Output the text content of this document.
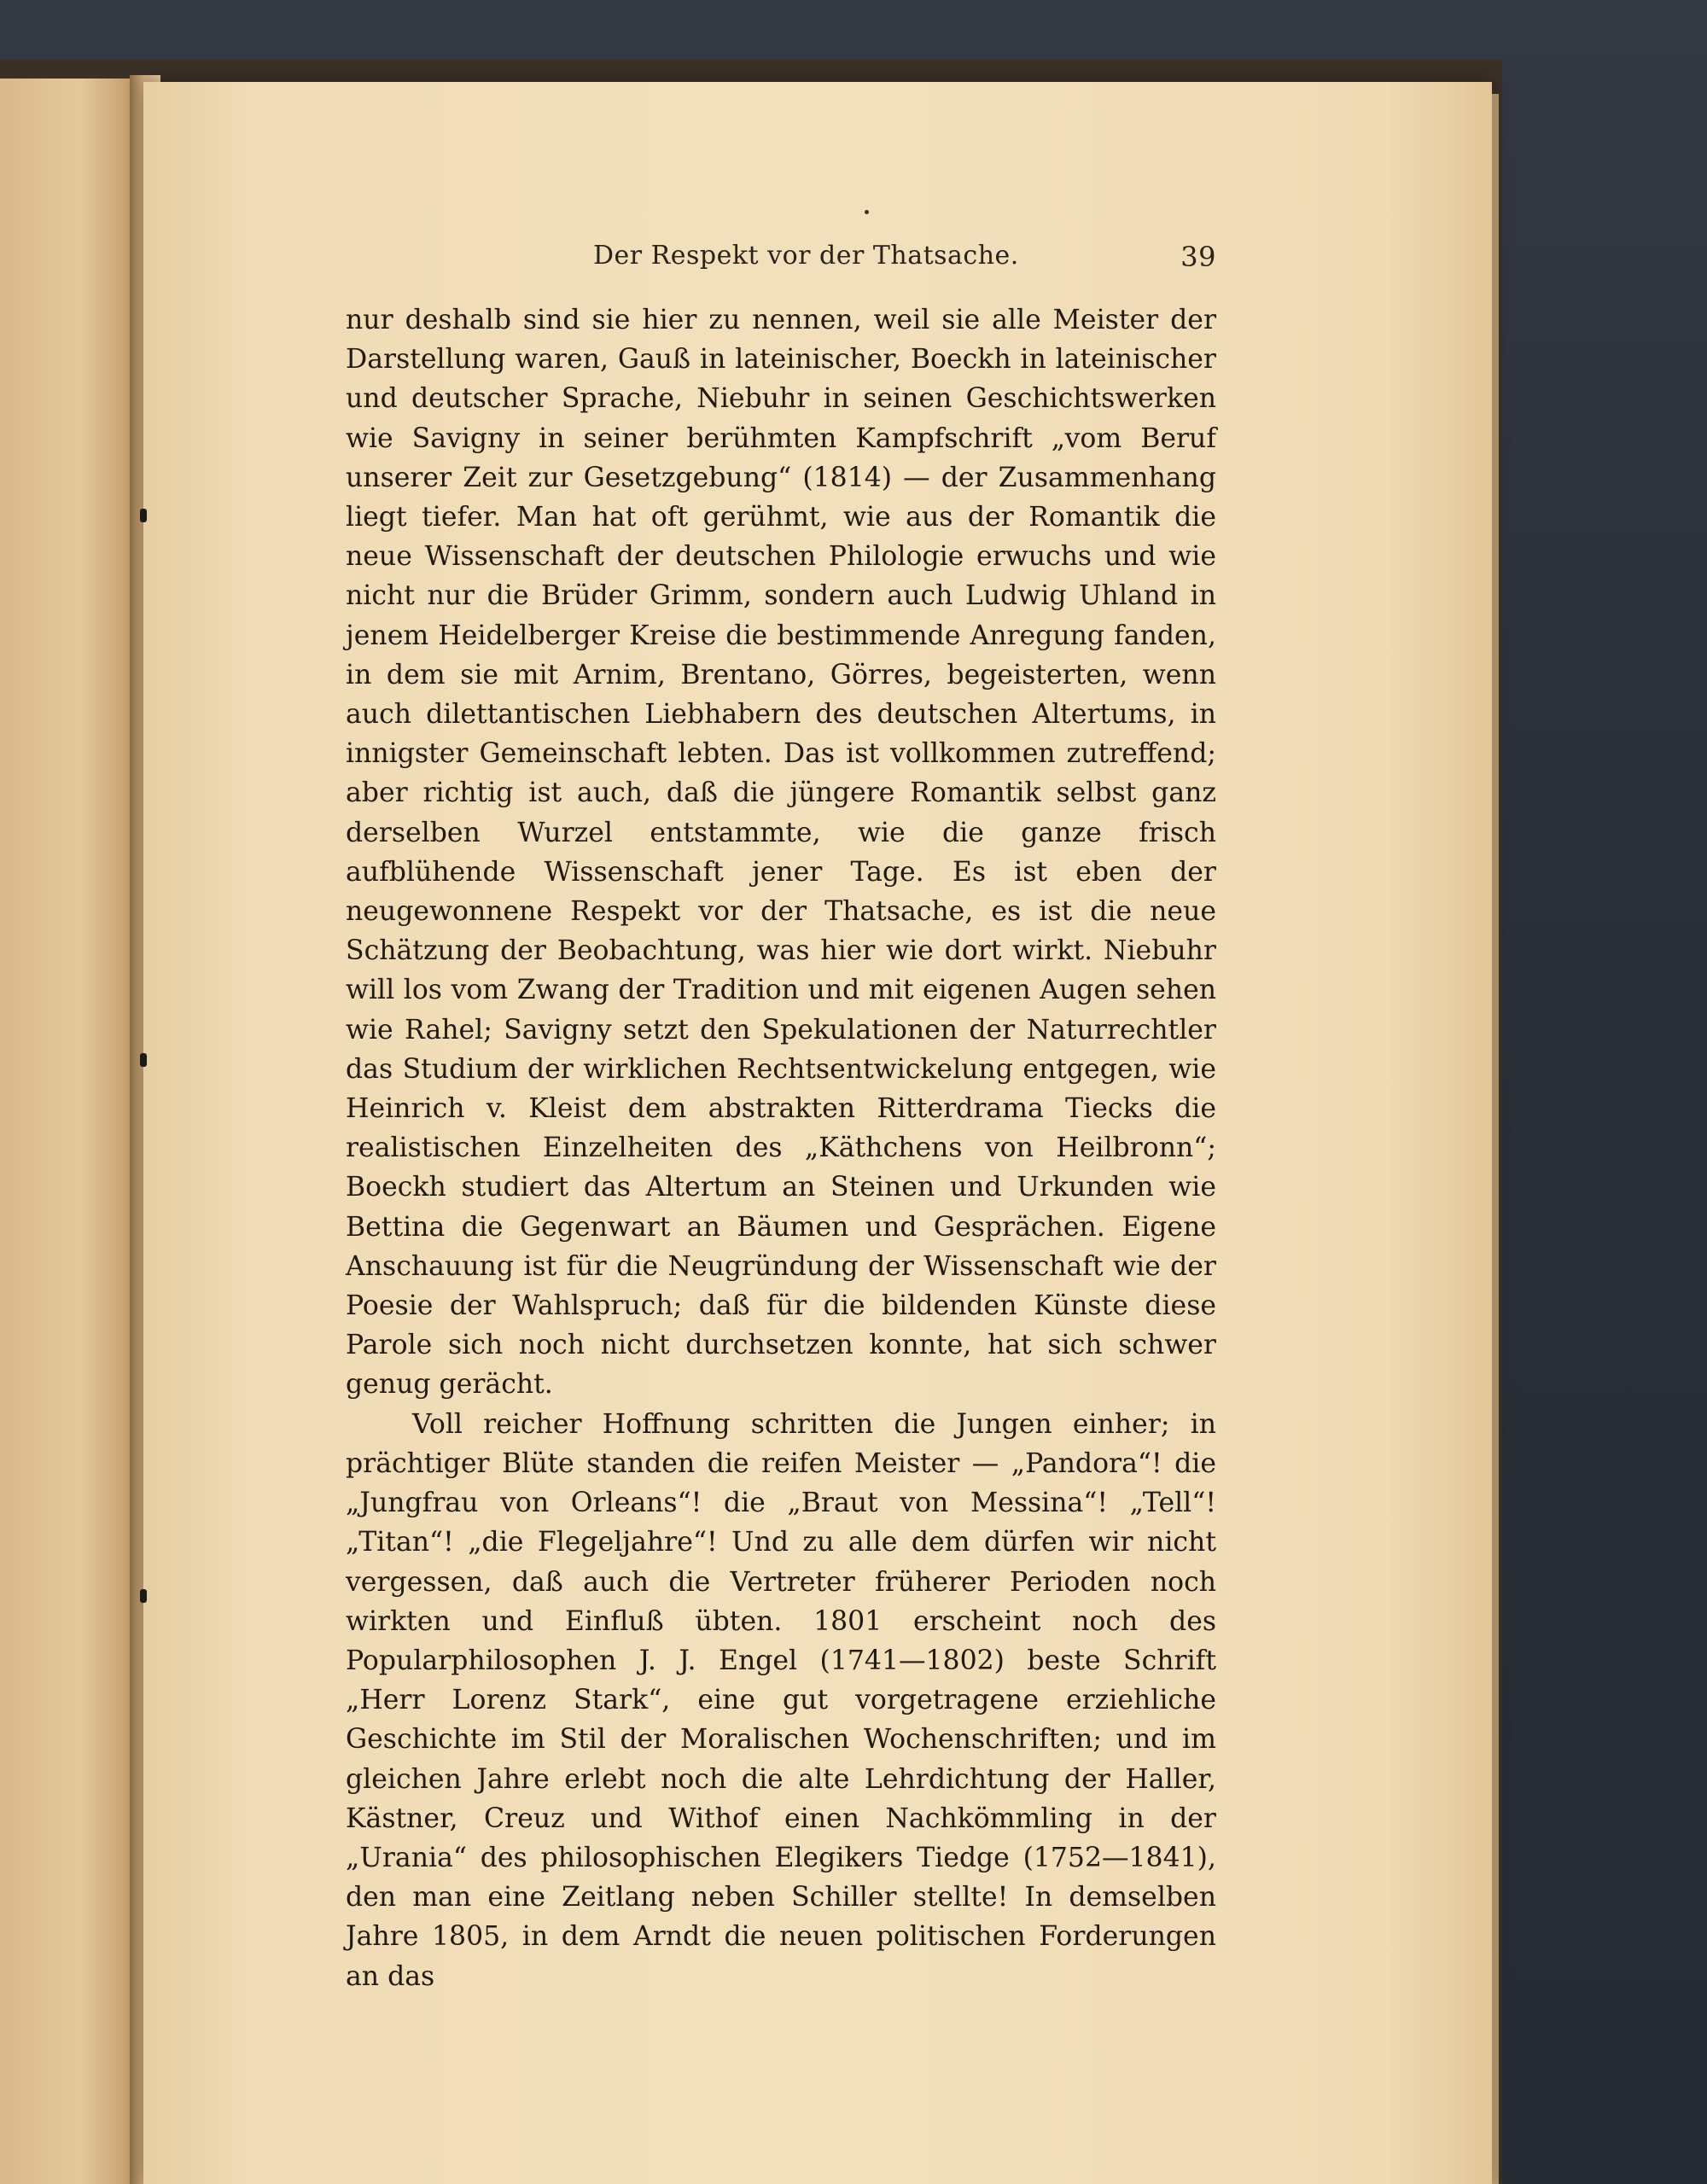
Der Respekt vor der Thatsache.	39

nur deshalb sind sie hier zu nennen, weil sie alle Meister der Darstellung waren, Gauß in lateinischer, Boeckh in lateinischer und deutscher Sprache, Niebuhr in seinen Geschichtswerken wie Savigny in seiner berühmten Kampfschrift „vom Beruf unserer Zeit zur Gesetzgebung“ (1814) — der Zusammenhang liegt tiefer. Man hat oft gerühmt, wie aus der Romantik die neue Wissenschaft der deutschen Philologie erwuchs und wie nicht nur die Brüder Grimm, sondern auch Ludwig Uhland in jenem Heidelberger Kreise die bestimmende Anregung fanden, in dem sie mit Arnim, Brentano, Görres, begeisterten, wenn auch dilettantischen Liebhabern des deutschen Altertums, in innigster Gemeinschaft lebten. Das ist vollkommen zutreffend; aber richtig ist auch, daß die jüngere Romantik selbst ganz derselben Wurzel entstammte, wie die ganze frisch aufblühende Wissenschaft jener Tage. Es ist eben der neugewonnene Respekt vor der Thatsache, es ist die neue Schätzung der Beobachtung, was hier wie dort wirkt. Niebuhr will los vom Zwang der Tradition und mit eigenen Augen sehen wie Rahel; Savigny setzt den Spekulationen der Naturrechtler das Studium der wirklichen Rechtsentwickelung entgegen, wie Heinrich v. Kleist dem abstrakten Ritterdrama Tiecks die realistischen Einzelheiten des „Käthchens von Heilbronn“; Boeckh studiert das Altertum an Steinen und Urkunden wie Bettina die Gegenwart an Bäumen und Gesprächen. Eigene Anschauung ist für die Neugründung der Wissenschaft wie der Poesie der Wahlspruch; daß für die bildenden Künste diese Parole sich noch nicht durchsetzen konnte, hat sich schwer genug gerächt.

Voll reicher Hoffnung schritten die Jungen einher; in prächtiger Blüte standen die reifen Meister — „Pandora“! die „Jungfrau von Orleans“! die „Braut von Messina“! „Tell“! „Titan“! „die Flegeljahre“! Und zu alle dem dürfen wir nicht vergessen, daß auch die Vertreter früherer Perioden noch wirkten und Einfluß übten. 1801 erscheint noch des Popularphilosophen J. J. Engel (1741—1802) beste Schrift „Herr Lorenz Stark“, eine gut vorgetragene erziehliche Geschichte im Stil der Moralischen Wochenschriften; und im gleichen Jahre erlebt noch die alte Lehrdichtung der Haller, Kästner, Creuz und Withof einen Nachkömmling in der „Urania“ des philosophischen Elegikers Tiedge (1752—1841), den man eine Zeitlang neben Schiller stellte! In demselben Jahre 1805, in dem Arndt die neuen politischen Forderungen an das
